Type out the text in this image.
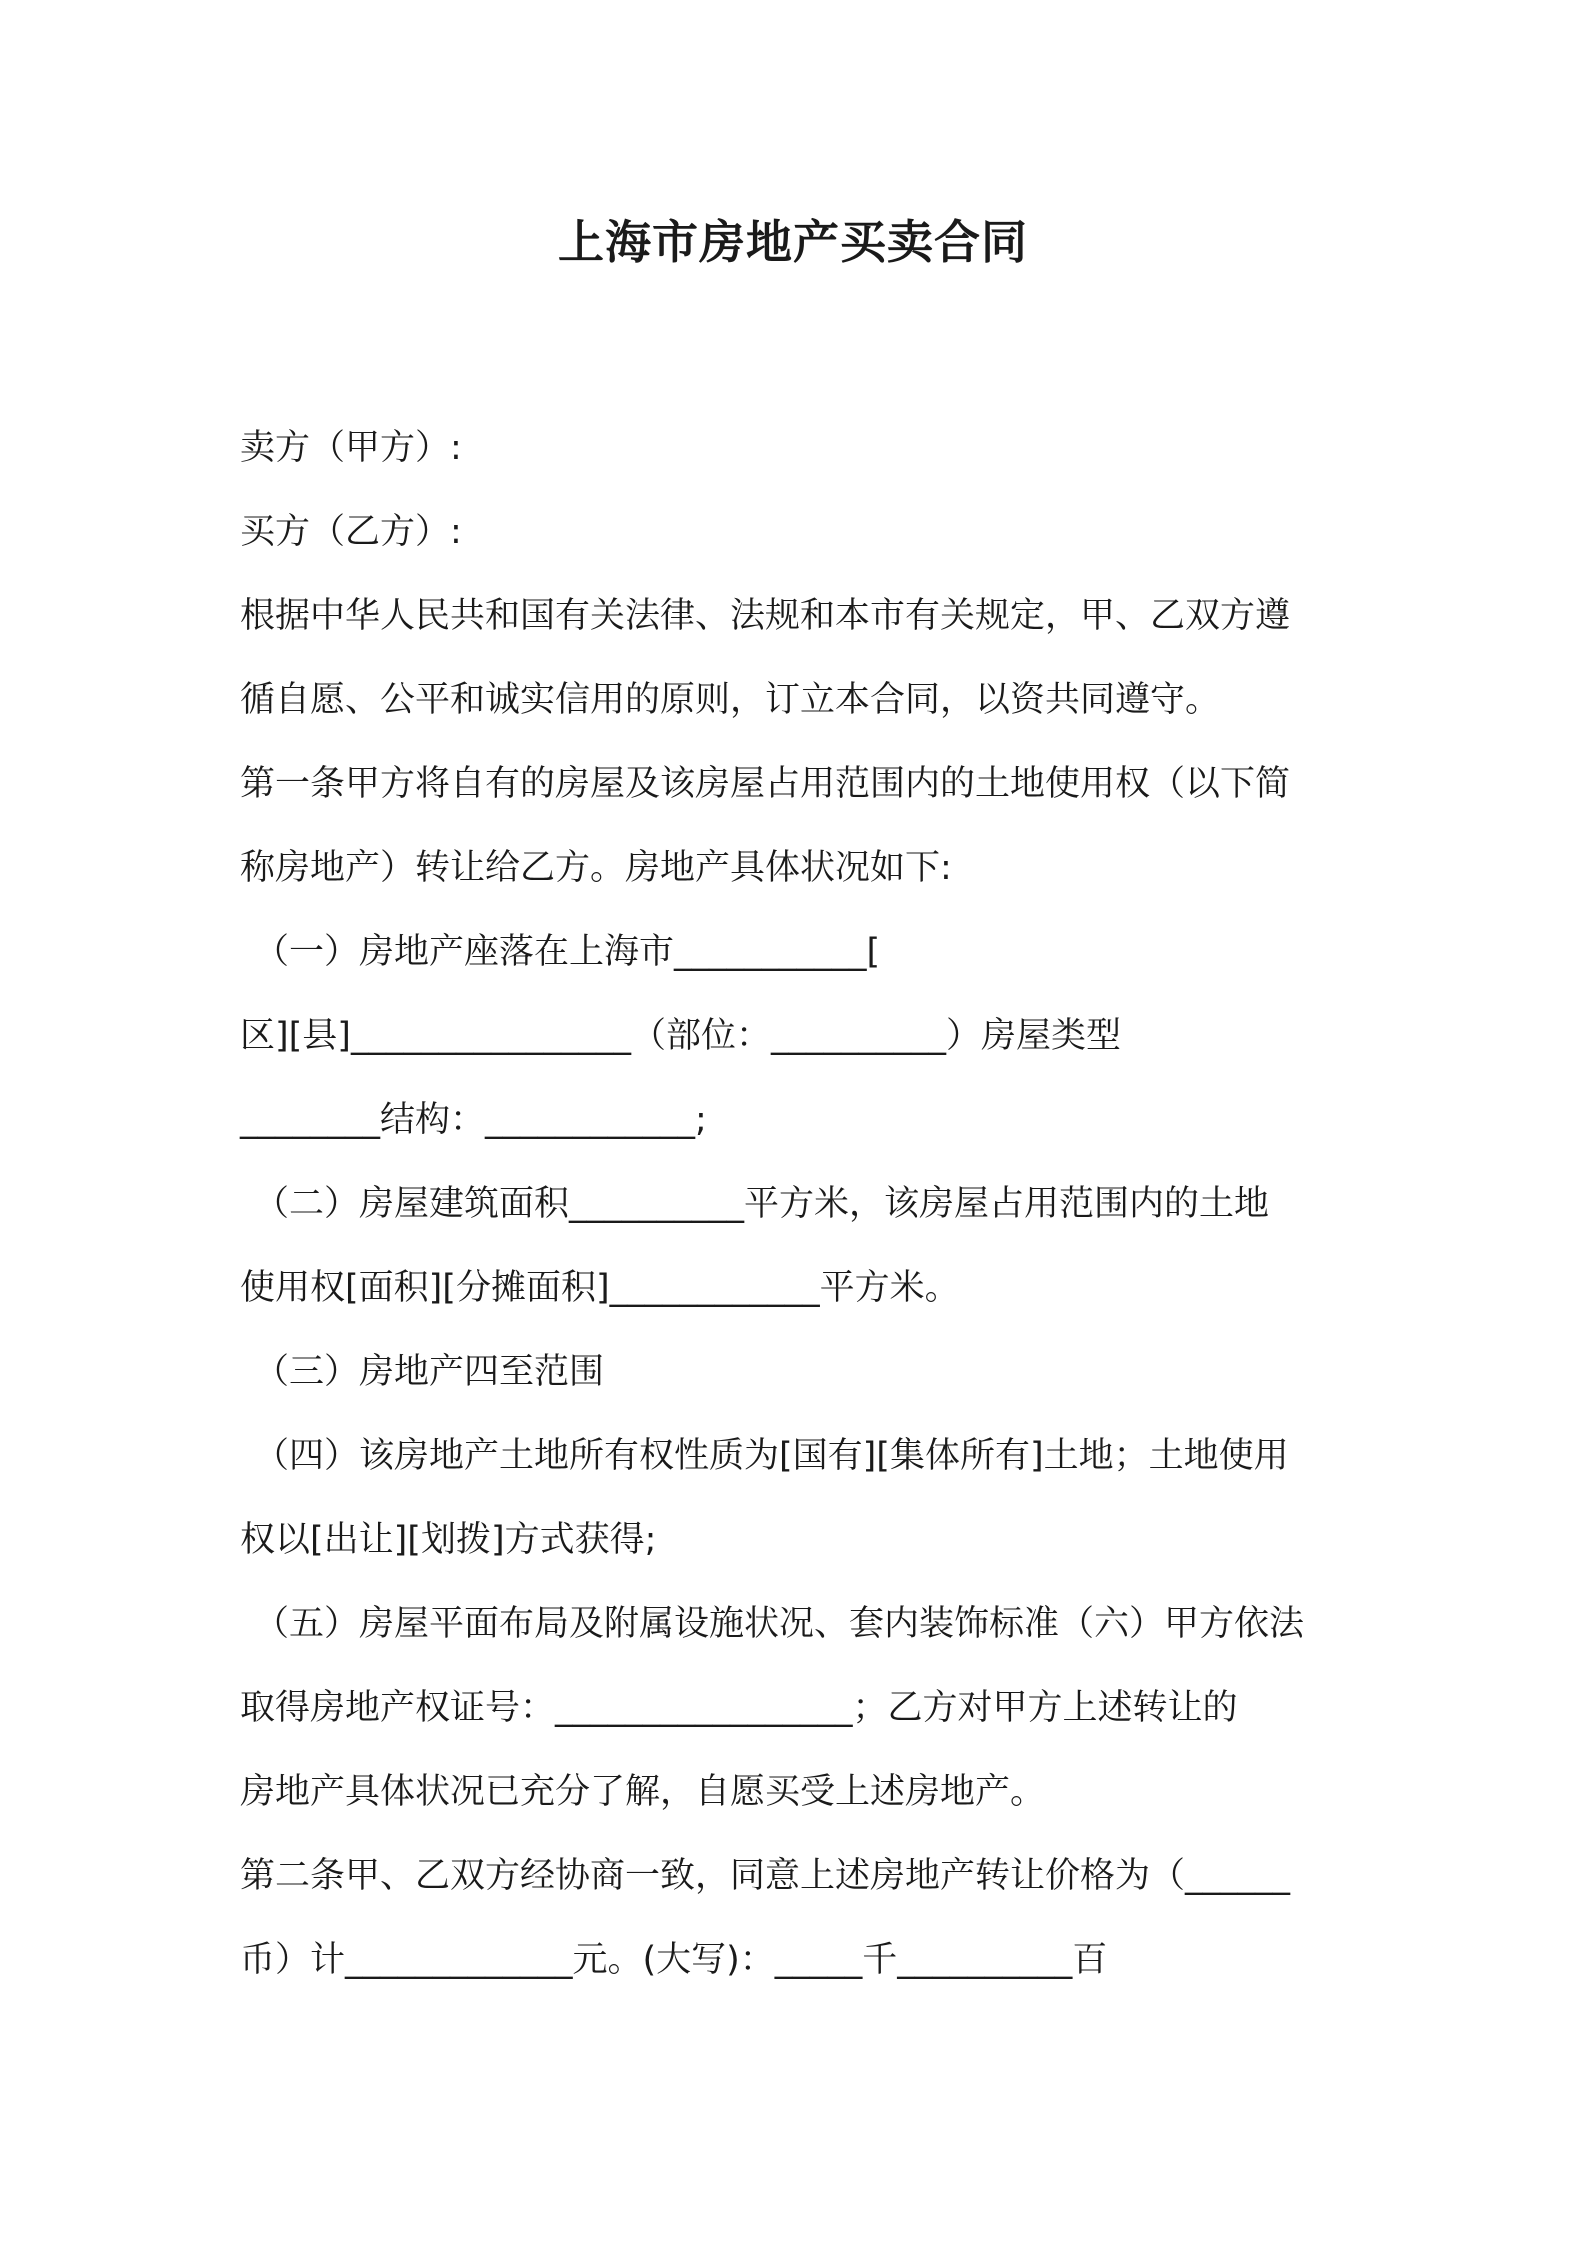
上海市房地产买卖合同
卖方（甲方）:
买方（乙方）:
根据中华人民共和国有关法律、法规和本市有关规定，甲、乙双方遵
循自愿、公平和诚实信用的原则，订立本合同，以资共同遵守。
第一条甲方将自有的房屋及该房屋占用范围内的土地使用权（以下简
称房地产）转让给乙方。房地产具体状况如下:
（一）房地产座落在上海市___________[
区][县]________________（部位：__________）房屋类型
________结构：____________;
（二）房屋建筑面积__________平方米，该房屋占用范围内的土地
使用权[面积][分摊面积]____________平方米。
（三）房地产四至范围
（四）该房地产土地所有权性质为[国有][集体所有]土地；土地使用
权以[出让][划拨]方式获得;
（五）房屋平面布局及附属设施状况、套内装饰标准（六）甲方依法
取得房地产权证号：_________________；乙方对甲方上述转让的
房地产具体状况已充分了解，自愿买受上述房地产。
第二条甲、乙双方经协商一致，同意上述房地产转让价格为（______
币）计_____________元。(大写)：_____千__________百
